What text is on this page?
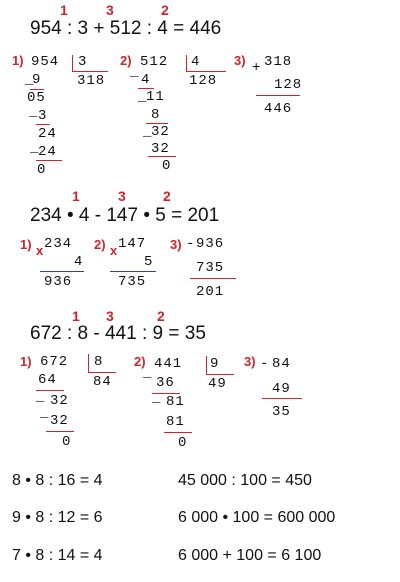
1	3	2
954 : 3 + 512 : 4 = 446
1) 954 3
318
_
9
05
_ 3
24
_
24
0
2) 512 4
128
_ 4
_
11
8
_
32
32
0
3) + 318
128
446
1	3	2
234 • 4 - 147 • 5 = 201
1) x 234
4
936
2) x 147
5
735
3) - 936
735
201
1 3	2
672 : 8 - 441 : 9 = 35
1) 672 8
84
64
_ 32
32
_
0
2) 441 9
49
_
36
_ 81
81
0
3) - 84
49
35
8 • 8 : 16 = 4
9 • 8 : 12 = 6
7 • 8 : 14 = 4
45 000 : 100 = 450
6 000 • 100 = 600 000
6 000 + 100 = 6 100
